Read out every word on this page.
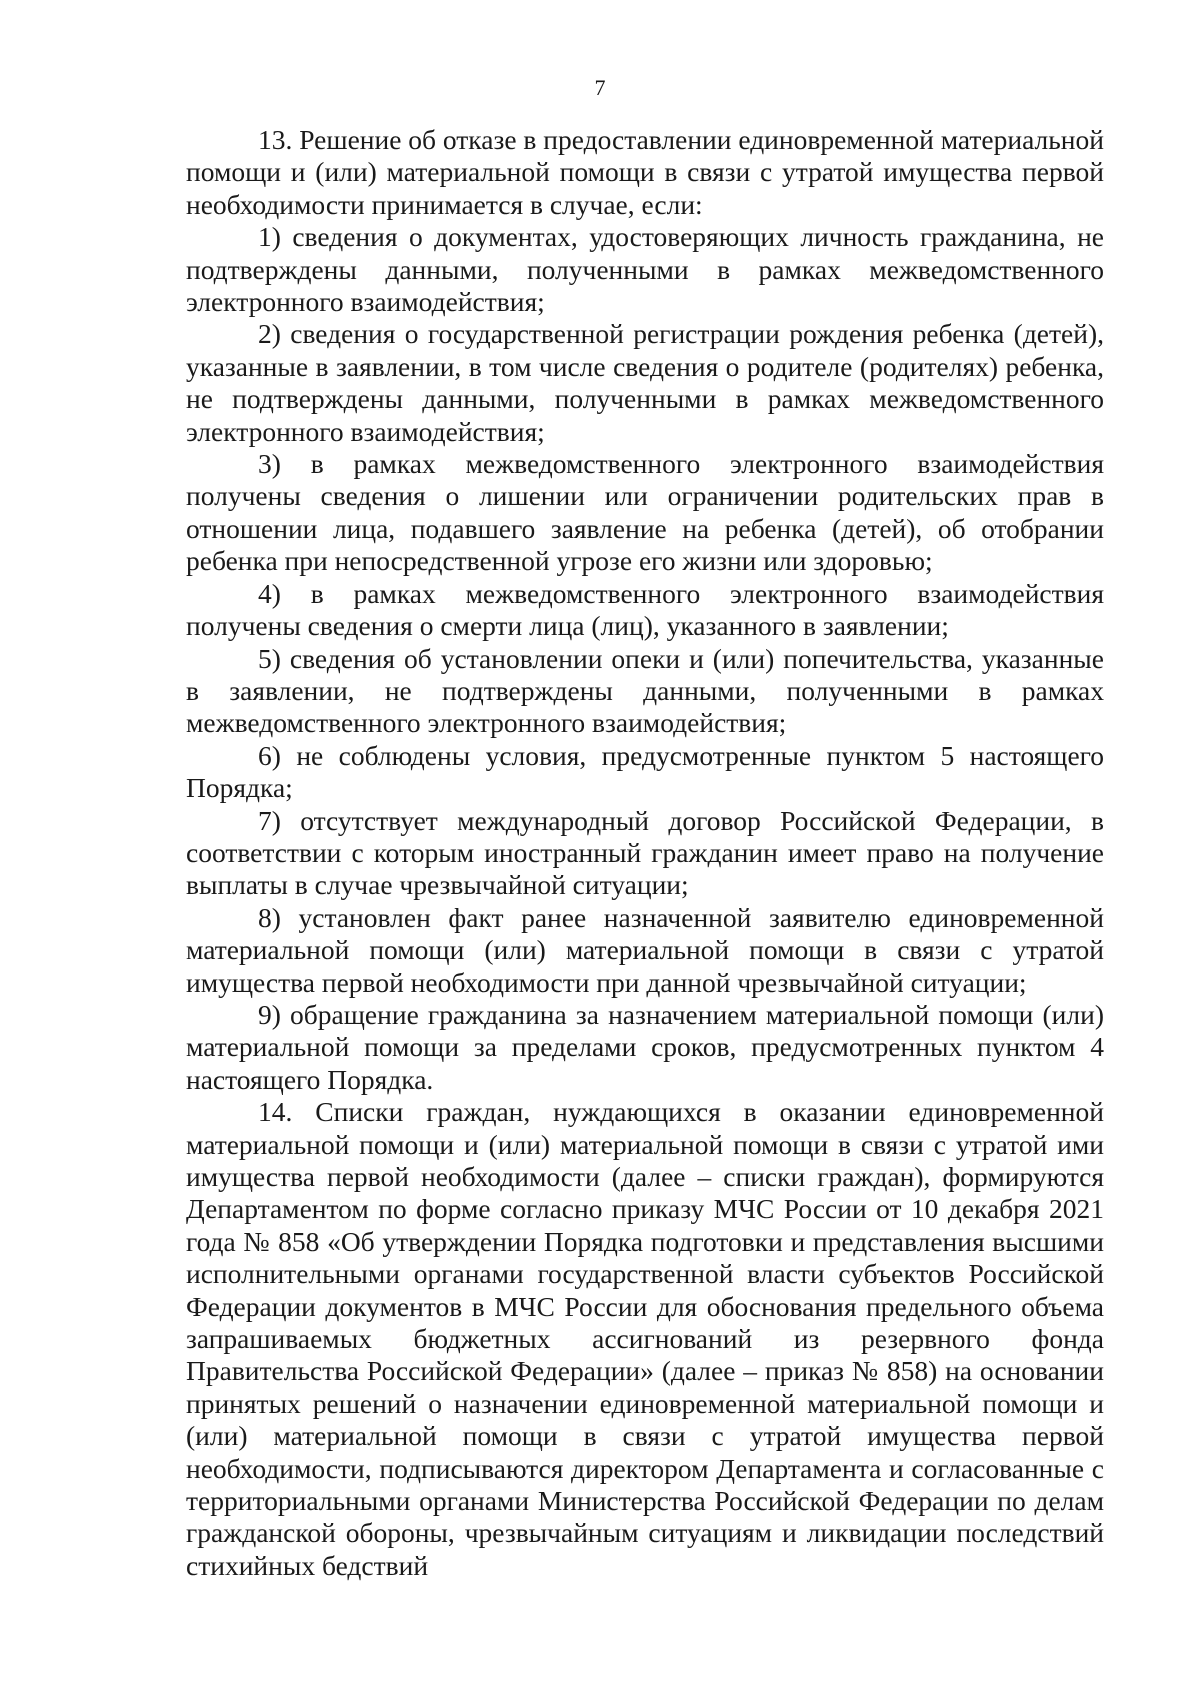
7

13. Решение об отказе в предоставлении единовременной материальной помощи и (или) материальной помощи в связи с утратой имущества первой необходимости принимается в случае, если:

1) сведения о документах, удостоверяющих личность гражданина, не подтверждены данными, полученными в рамках межведомственного электронного взаимодействия;

2) сведения о государственной регистрации рождения ребенка (детей), указанные в заявлении, в том числе сведения о родителе (родителях) ребенка, не подтверждены данными, полученными в рамках межведомственного электронного взаимодействия;

3) в рамках межведомственного электронного взаимодействия получены сведения о лишении или ограничении родительских прав в отношении лица, подавшего заявление на ребенка (детей), об отобрании ребенка при непосредственной угрозе его жизни или здоровью;

4) в рамках межведомственного электронного взаимодействия получены сведения о смерти лица (лиц), указанного в заявлении;

5) сведения об установлении опеки и (или) попечительства, указанные в заявлении, не подтверждены данными, полученными в рамках межведомственного электронного взаимодействия;

6) не соблюдены условия, предусмотренные пунктом 5 настоящего Порядка;

7) отсутствует международный договор Российской Федерации, в соответствии с которым иностранный гражданин имеет право на получение выплаты в случае чрезвычайной ситуации;

8) установлен факт ранее назначенной заявителю единовременной материальной помощи (или) материальной помощи в связи с утратой имущества первой необходимости при данной чрезвычайной ситуации;

9) обращение гражданина за назначением материальной помощи (или) материальной помощи за пределами сроков, предусмотренных пунктом 4 настоящего Порядка.

14. Списки граждан, нуждающихся в оказании единовременной материальной помощи и (или) материальной помощи в связи с утратой ими имущества первой необходимости (далее – списки граждан), формируются Департаментом по форме согласно приказу МЧС России от 10 декабря 2021 года № 858 «Об утверждении Порядка подготовки и представления высшими исполнительными органами государственной власти субъектов Российской Федерации документов в МЧС России для обоснования предельного объема запрашиваемых бюджетных ассигнований из резервного фонда Правительства Российской Федерации» (далее – приказ № 858) на основании принятых решений о назначении единовременной материальной помощи и (или) материальной помощи в связи с утратой имущества первой необходимости, подписываются директором Департамента и согласованные с территориальными органами Министерства Российской Федерации по делам гражданской обороны, чрезвычайным ситуациям и ликвидации последствий стихийных бедствий
